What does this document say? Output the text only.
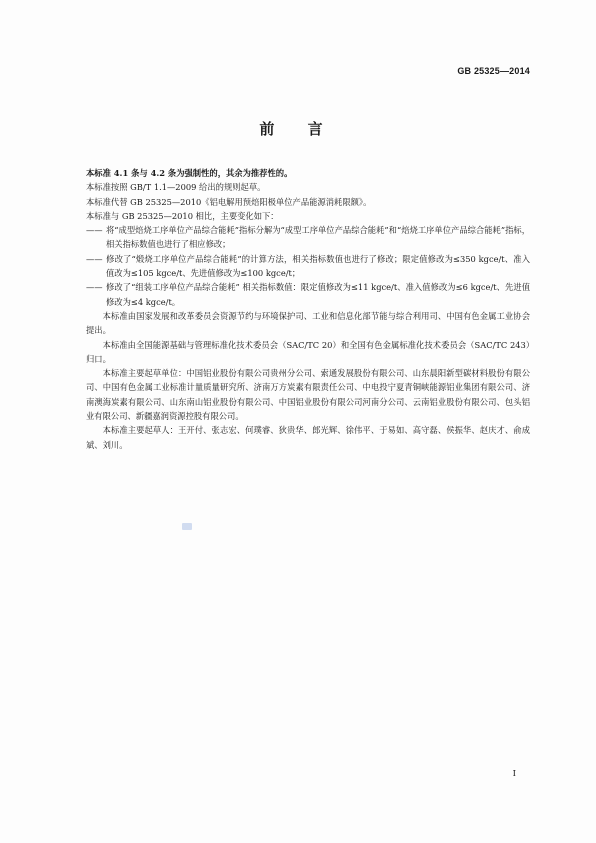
GB 25325—2014
前 言

本标准 4.1 条与 4.2 条为强制性的，其余为推荐性的。

本标准按照 GB/T 1.1—2009 给出的规则起草。

本标准代替 GB 25325—2010《铝电解用预焙阳极单位产品能源消耗限额》。

本标准与 GB 25325—2010 相比，主要变化如下：

—— 将“成型焙烧工序单位产品综合能耗”指标分解为“成型工序单位产品综合能耗”和“焙烧工序单位产品综合能耗”指标，相关指标数值也进行了相应修改；

—— 修改了“煅烧工序单位产品综合能耗”的计算方法，相关指标数值也进行了修改；限定值修改为≤350 kgce/t、准入值改为≤105 kgce/t、先进值修改为≤100 kgce/t；

—— 修改了“组装工序单位产品综合能耗” 相关指标数值：限定值修改为≤11 kgce/t、准入值修改为≤6 kgce/t、先进值修改为≤4 kgce/t。

本标准由国家发展和改革委员会资源节约与环境保护司、工业和信息化部节能与综合利用司、中国有色金属工业协会提出。

本标准由全国能源基础与管理标准化技术委员会（SAC/TC 20）和全国有色金属标准化技术委员会（SAC/TC 243）归口。

本标准主要起草单位：中国铝业股份有限公司贵州分公司、索通发展股份有限公司、山东晨阳新型碳材料股份有限公司、中国有色金属工业标准计量质量研究所、济南万方炭素有限责任公司、中电投宁夏青铜峡能源铝业集团有限公司、济南澳海炭素有限公司、山东南山铝业股份有限公司、中国铝业股份有限公司河南分公司、云南铝业股份有限公司、包头铝业有限公司、新疆嘉润资源控股有限公司。

本标准主要起草人：王开付、张志宏、何璞睿、狄贵华、郎光辉、徐伟平、于易如、高守磊、侯振华、赵庆才、俞成斌、刘川。

I
